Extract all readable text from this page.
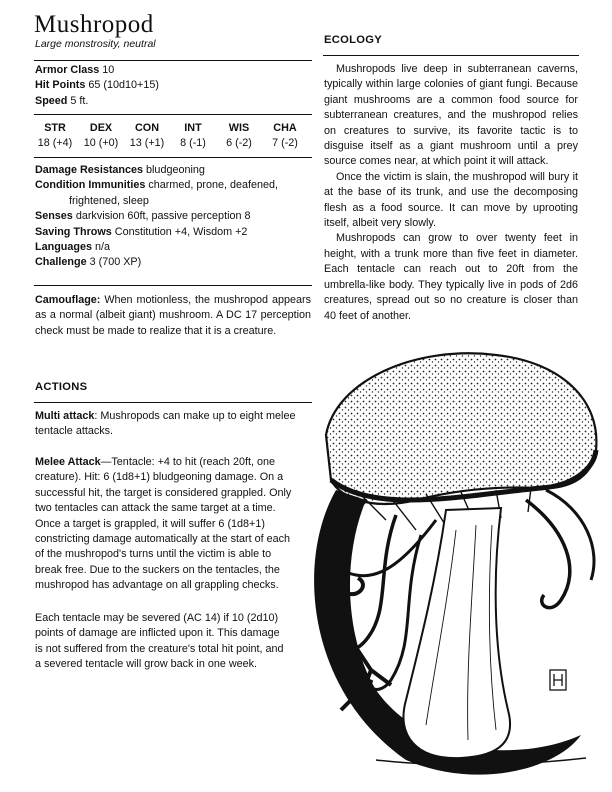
Mushropod
Large monstrosity, neutral
Armor Class 10
Hit Points 65 (10d10+15)
Speed 5 ft.
STR	DEX	CON	INT	WIS	CHA
18 (+4)	10 (+0)	13 (+1)	8 (-1)	6 (-2)	7 (-2)
Damage Resistances bludgeoning
Condition Immunities charmed, prone, deafened,
frightened, sleep
Senses darkvision 60ft, passive perception 8
Saving Throws Constitution +4, Wisdom +2
Languages n/a
Challenge 3 (700 XP)
Camouflage: When motionless, the mushropod appears as a normal (albeit giant) mushroom. A DC 17 perception check must be made to realize that it is a creature.
ACTIONS
Multi attack: Mushropods can make up to eight melee tentacle attacks.
Melee Attack—Tentacle: +4 to hit (reach 20ft, one creature). Hit: 6 (1d8+1) bludgeoning damage. On a successful hit, the target is considered grappled. Only two tentacles can attack the same target at a time. Once a target is grappled, it will suffer 6 (1d8+1) constricting damage automatically at the start of each of the mushropod's turns until the victim is able to break free. Due to the suckers on the tentacles, the mushropod has advantage on all grappling checks.
Each tentacle may be severed (AC 14) if 10 (2d10) points of damage are inflicted upon it. This damage is not suffered from the creature's total hit point, and a severed tentacle will grow back in one week.
ECOLOGY

Mushropods live deep in subterranean caverns, typically within large colonies of giant fungi. Because giant mushrooms are a common food source for subterranean creatures, and the mushropod relies on creatures to survive, its favorite tactic is to disguise itself as a giant mushroom until a prey source comes near, at which point it will attack.

Once the victim is slain, the mushropod will bury it at the base of its trunk, and use the decomposing flesh as a food source. It can move by uprooting itself, albeit very slowly.

Mushropods can grow to over twenty feet in height, with a trunk more than five feet in diameter. Each tentacle can reach out to 20ft from the umbrella-like body. They typically live in pods of 2d6 creatures, spread out so no creature is closer than 40 feet of another.
